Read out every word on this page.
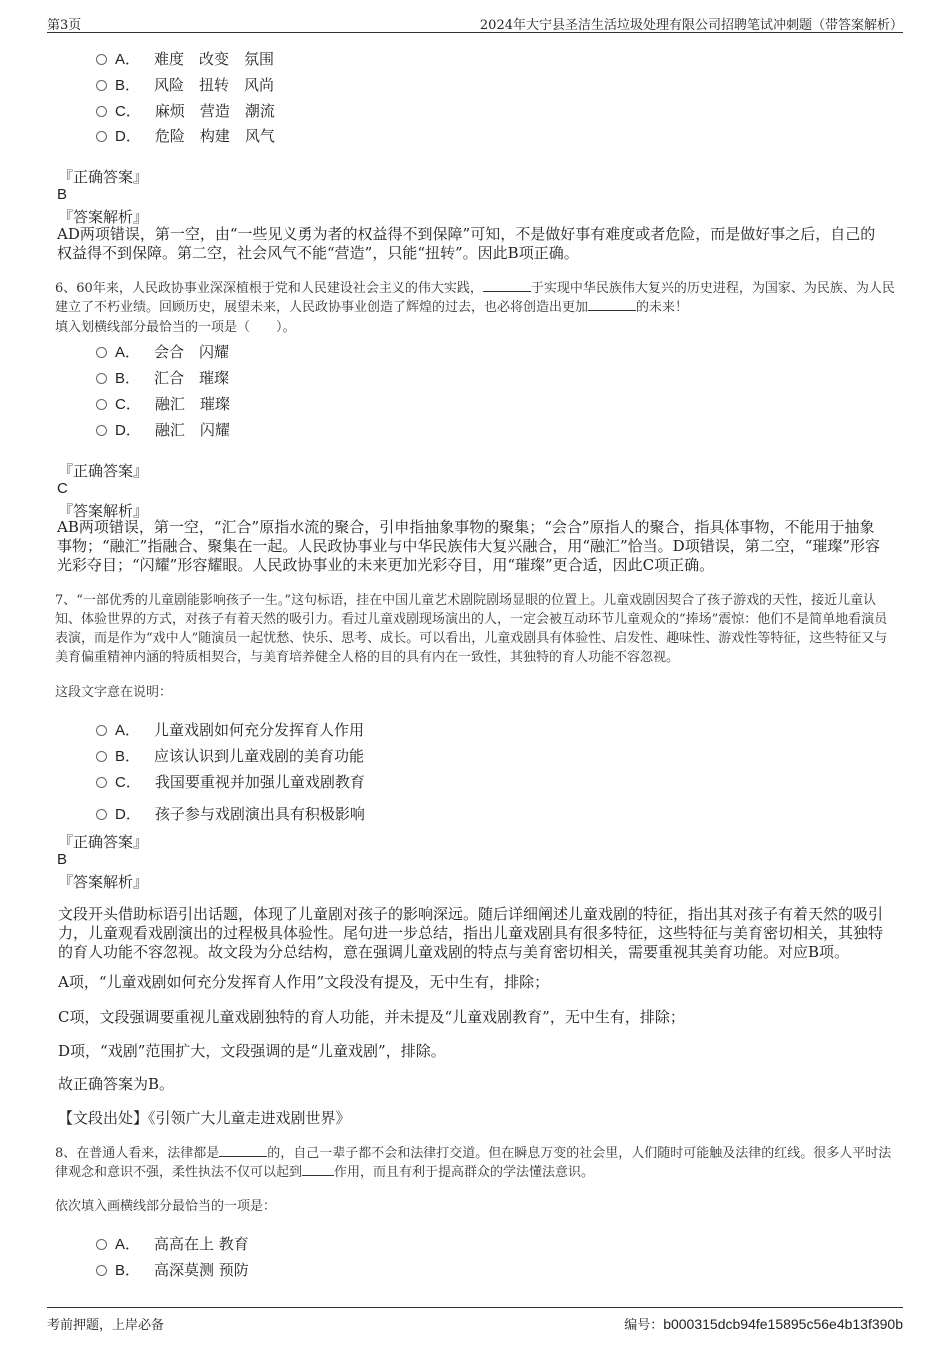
第3页	2024年大宁县圣洁生活垃圾处理有限公司招聘笔试冲刺题（带答案解析）
A． 难度　改变　氛围
B． 风险　扭转　风尚
C． 麻烦　营造　潮流
D． 危险　构建　风气
『正确答案』
B
『答案解析』
AD两项错误，第一空，由“一些见义勇为者的权益得不到保障”可知，不是做好事有难度或者危险，而是做好事之后，自己的权益得不到保障。第二空，社会风气不能“营造”，只能“扭转”。因此B项正确。
6、60年来，人民政协事业深深植根于党和人民建设社会主义的伟大实践，	于实现中华民族伟大复兴的历史进程，为国家、为民族、为人民建立了不朽业绩。回顾历史，展望未来，人民政协事业创造了辉煌的过去，也必将创造出更加	的未来！
填入划横线部分最恰当的一项是（　　）。
A． 会合　闪耀
B． 汇合　璀璨
C． 融汇　璀璨
D． 融汇　闪耀
『正确答案』
C
『答案解析』
AB两项错误，第一空，“汇合”原指水流的聚合，引申指抽象事物的聚集；“会合”原指人的聚合，指具体事物，不能用于抽象事物；“融汇”指融合、聚集在一起。人民政协事业与中华民族伟大复兴融合，用“融汇”恰当。D项错误，第二空，“璀璨”形容光彩夺目；“闪耀”形容耀眼。人民政协事业的未来更加光彩夺目，用“璀璨”更合适，因此C项正确。
7、“一部优秀的儿童剧能影响孩子一生。”这句标语，挂在中国儿童艺术剧院剧场显眼的位置上。儿童戏剧因契合了孩子游戏的天性，接近儿童认知、体验世界的方式，对孩子有着天然的吸引力。看过儿童戏剧现场演出的人，一定会被互动环节儿童观众的“捧场”震惊：他们不是简单地看演员表演，而是作为“戏中人”随演员一起忧愁、快乐、思考、成长。可以看出，儿童戏剧具有体验性、启发性、趣味性、游戏性等特征，这些特征又与美育偏重精神内涵的特质相契合，与美育培养健全人格的目的具有内在一致性，其独特的育人功能不容忽视。
这段文字意在说明：
A． 儿童戏剧如何充分发挥育人作用
B． 应该认识到儿童戏剧的美育功能
C． 我国要重视并加强儿童戏剧教育
D． 孩子参与戏剧演出具有积极影响
『正确答案』
B
『答案解析』
文段开头借助标语引出话题，体现了儿童剧对孩子的影响深远。随后详细阐述儿童戏剧的特征，指出其对孩子有着天然的吸引力，儿童观看戏剧演出的过程极具体验性。尾句进一步总结，指出儿童戏剧具有很多特征，这些特征与美育密切相关，其独特的育人功能不容忽视。故文段为分总结构，意在强调儿童戏剧的特点与美育密切相关，需要重视其美育功能。对应B项。
A项，“儿童戏剧如何充分发挥育人作用”文段没有提及，无中生有，排除；
C项，文段强调要重视儿童戏剧独特的育人功能，并未提及“儿童戏剧教育”，无中生有，排除；
D项，“戏剧”范围扩大，文段强调的是“儿童戏剧”，排除。
故正确答案为B。
【文段出处】《引领广大儿童走进戏剧世界》
8、在普通人看来，法律都是	的，自己一辈子都不会和法律打交道。但在瞬息万变的社会里，人们随时可能触及法律的红线。很多人平时法律观念和意识不强，柔性执法不仅可以起到 作用，而且有利于提高群众的学法懂法意识。
依次填入画横线部分最恰当的一项是：
A． 高高在上 教育
B． 高深莫测 预防
考前押题，上岸必备	编号：b000315dcb94fe15895c56e4b13f390b
